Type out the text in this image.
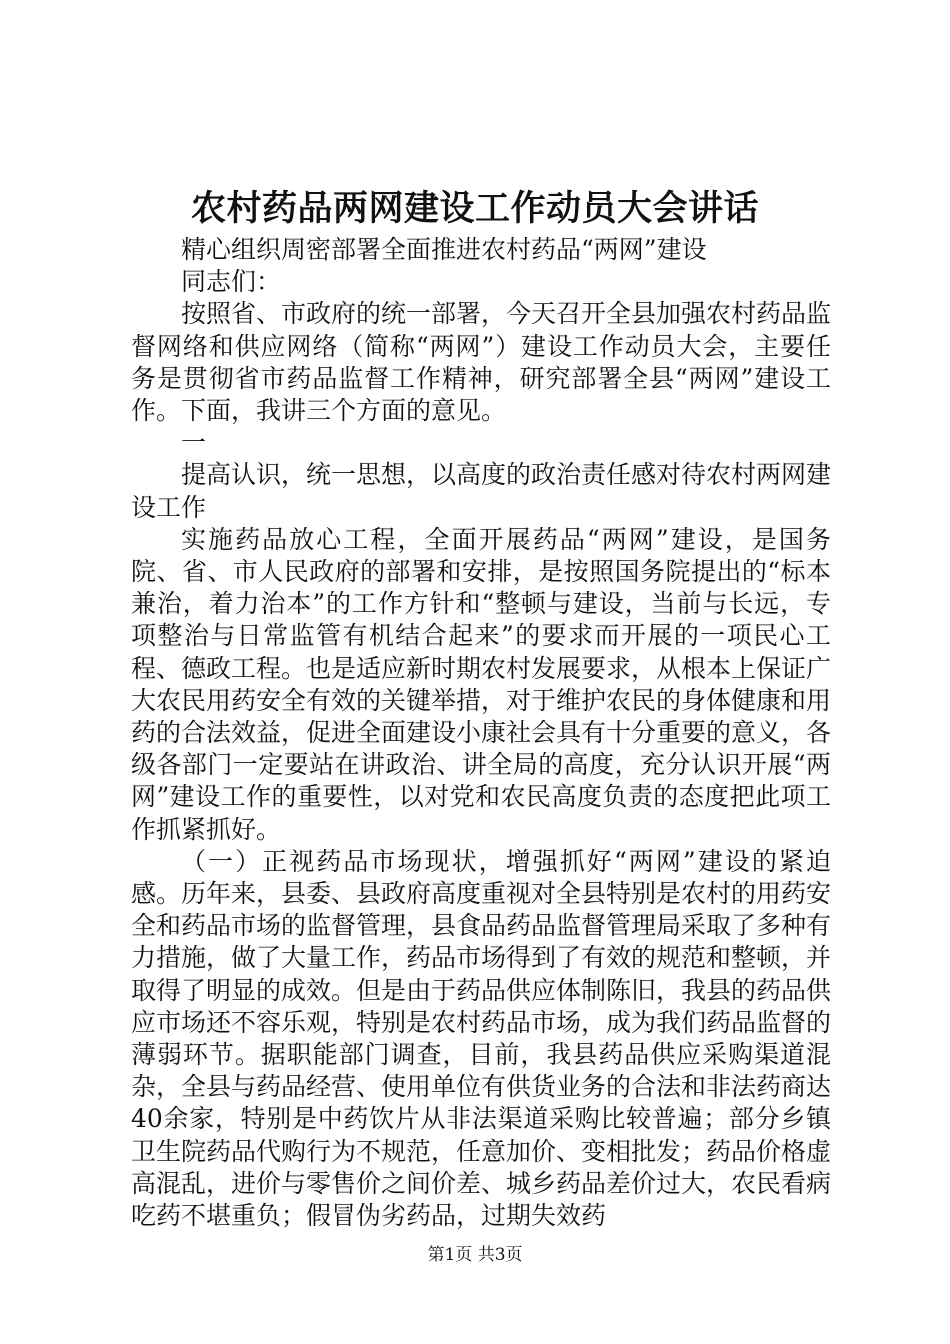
农村药品两网建设工作动员大会讲话

精心组织周密部署全面推进农村药品“两网”建设

同志们：

按照省、市政府的统一部署，今天召开全县加强农村药品监督网络和供应网络（简称“两网”）建设工作动员大会，主要任务是贯彻省市药品监督工作精神，研究部署全县“两网”建设工作。下面，我讲三个方面的意见。

一

提高认识，统一思想，以高度的政治责任感对待农村两网建设工作

实施药品放心工程，全面开展药品“两网”建设，是国务院、省、市人民政府的部署和安排，是按照国务院提出的“标本兼治，着力治本”的工作方针和“整顿与建设，当前与长远，专项整治与日常监管有机结合起来”的要求而开展的一项民心工程、德政工程。也是适应新时期农村发展要求，从根本上保证广大农民用药安全有效的关键举措，对于维护农民的身体健康和用药的合法效益，促进全面建设小康社会具有十分重要的意义，各级各部门一定要站在讲政治、讲全局的高度，充分认识开展“两网”建设工作的重要性，以对党和农民高度负责的态度把此项工作抓紧抓好。

（一）正视药品市场现状，增强抓好“两网”建设的紧迫感。历年来，县委、县政府高度重视对全县特别是农村的用药安全和药品市场的监督管理，县食品药品监督管理局采取了多种有力措施，做了大量工作，药品市场得到了有效的规范和整顿，并取得了明显的成效。但是由于药品供应体制陈旧，我县的药品供应市场还不容乐观，特别是农村药品市场，成为我们药品监督的薄弱环节。据职能部门调查，目前，我县药品供应采购渠道混杂，全县与药品经营、使用单位有供货业务的合法和非法药商达40余家，特别是中药饮片从非法渠道采购比较普遍；部分乡镇卫生院药品代购行为不规范，任意加价、变相批发；药品价格虚高混乱，进价与零售价之间价差、城乡药品差价过大，农民看病吃药不堪重负；假冒伪劣药品，过期失效药

第1页 共3页
